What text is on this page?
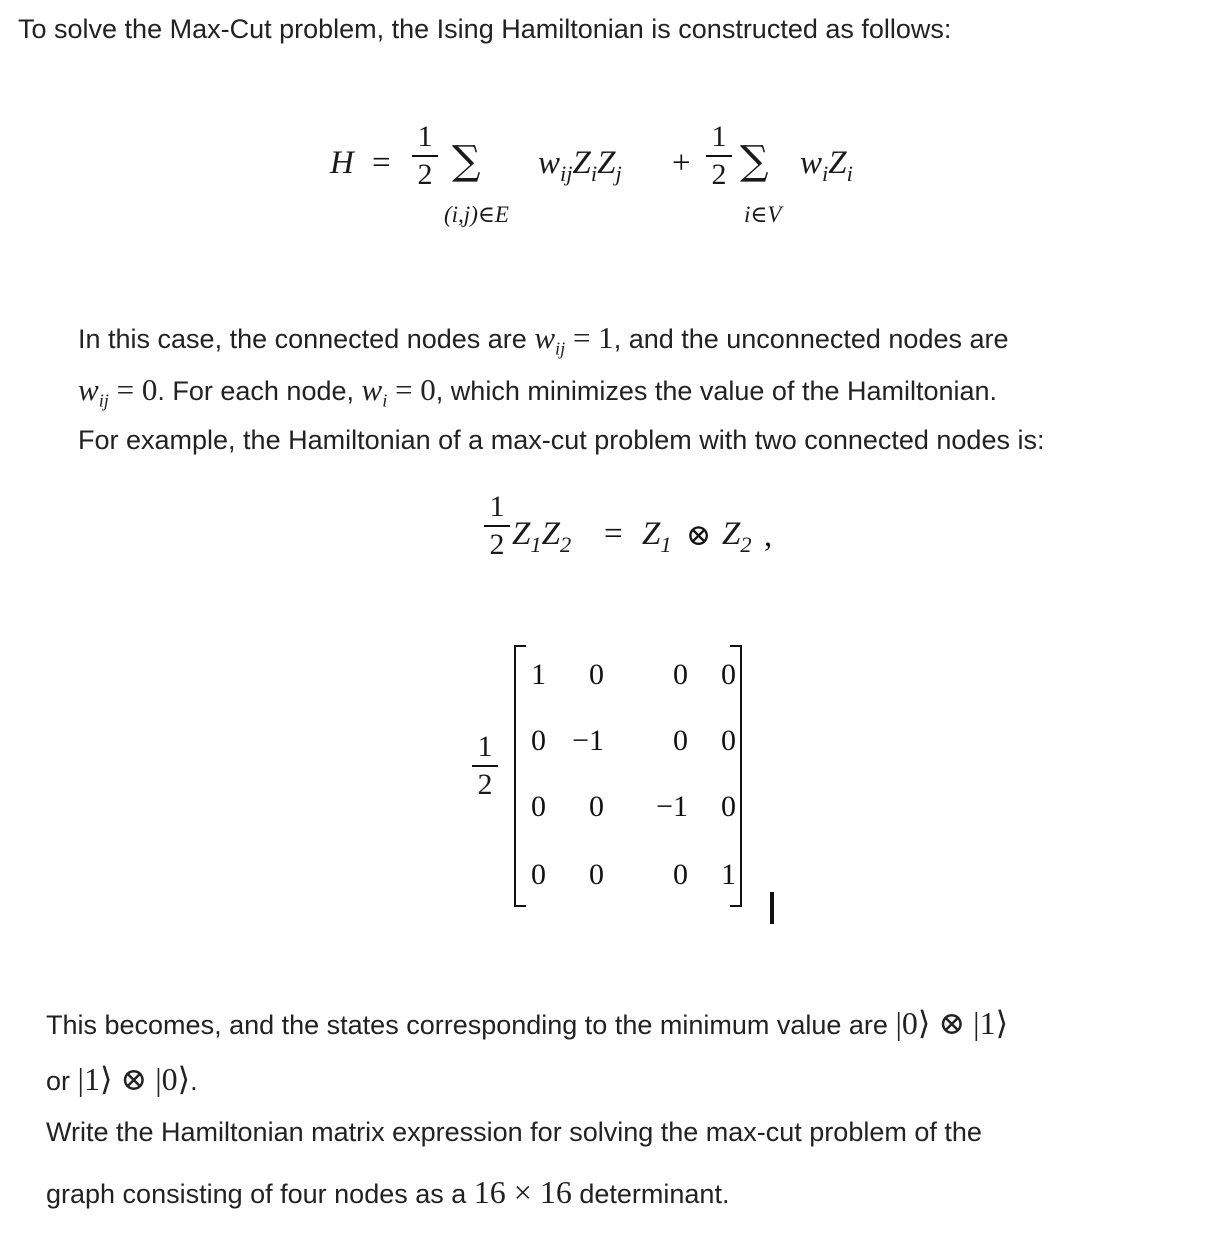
To solve the Max-Cut problem, the Ising Hamiltonian is constructed as follows:
H =
1
2 ∑
(i,j)∈E
$w_{ij}Z_iZ_j$ +
1
2 ∑
i∈V
$w_iZ_i$
In this case, the connected nodes are $w_{ij} = 1$, and the unconnected nodes are
$w_{ij} = 0$. For each node, $w_i = 0$, which minimizes the value of the Hamiltonian.
For example, the Hamiltonian of a max-cut problem with two connected nodes is:
1
2 $Z_1Z_2 = Z_1$ ⊗ $Z_2$ ,
1
2
1	0	0	0
0 −1	0	0
0	0	−1	0
0	0	0	1
This becomes, and the states corresponding to the minimum value are |0⟩ ⊗ |1⟩
or |1⟩ ⊗ |0⟩.
Write the Hamiltonian matrix expression for solving the max-cut problem of the
graph consisting of four nodes as a 16 × 16 determinant.
